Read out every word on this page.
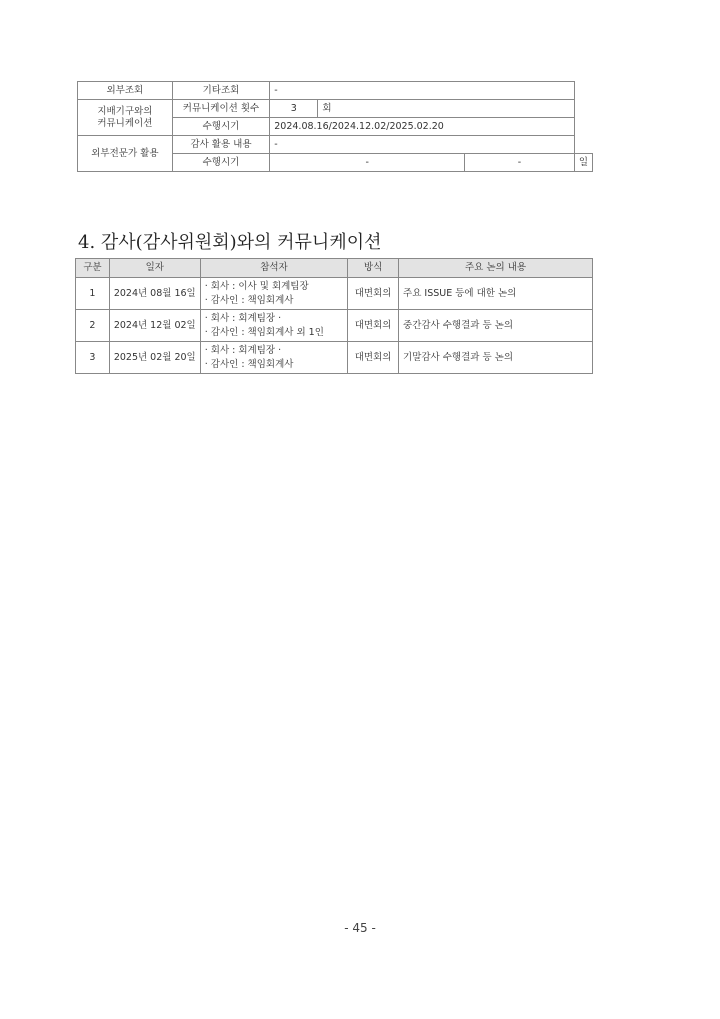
외부조회	기타조회	-			
지배기구와의
커뮤니케이션	커뮤니케이션 횟수	3	회		
	수행시기	2024.08.16/2024.12.02/2025.02.20			
외부전문가 활용	감사 활용 내용	-			
	수행시기	-		-	일
4. 감사(감사위원회)와의 커뮤니케이션
구분	일자	참석자	방식	주요 논의 내용
1	2024년 08월 16일	· 회사 : 이사 및 회계팀장
· 감사인 : 책임회계사	대면회의	주요 ISSUE 등에 대한 논의
2	2024년 12월 02일	· 회사 : 회계팀장 ·
· 감사인 : 책임회계사 외 1인	대면회의	중간감사 수행결과 등 논의
3	2025년 02월 20일	· 회사 : 회계팀장 ·
· 감사인 : 책임회계사	대면회의	기말감사 수행결과 등 논의
- 45 -
